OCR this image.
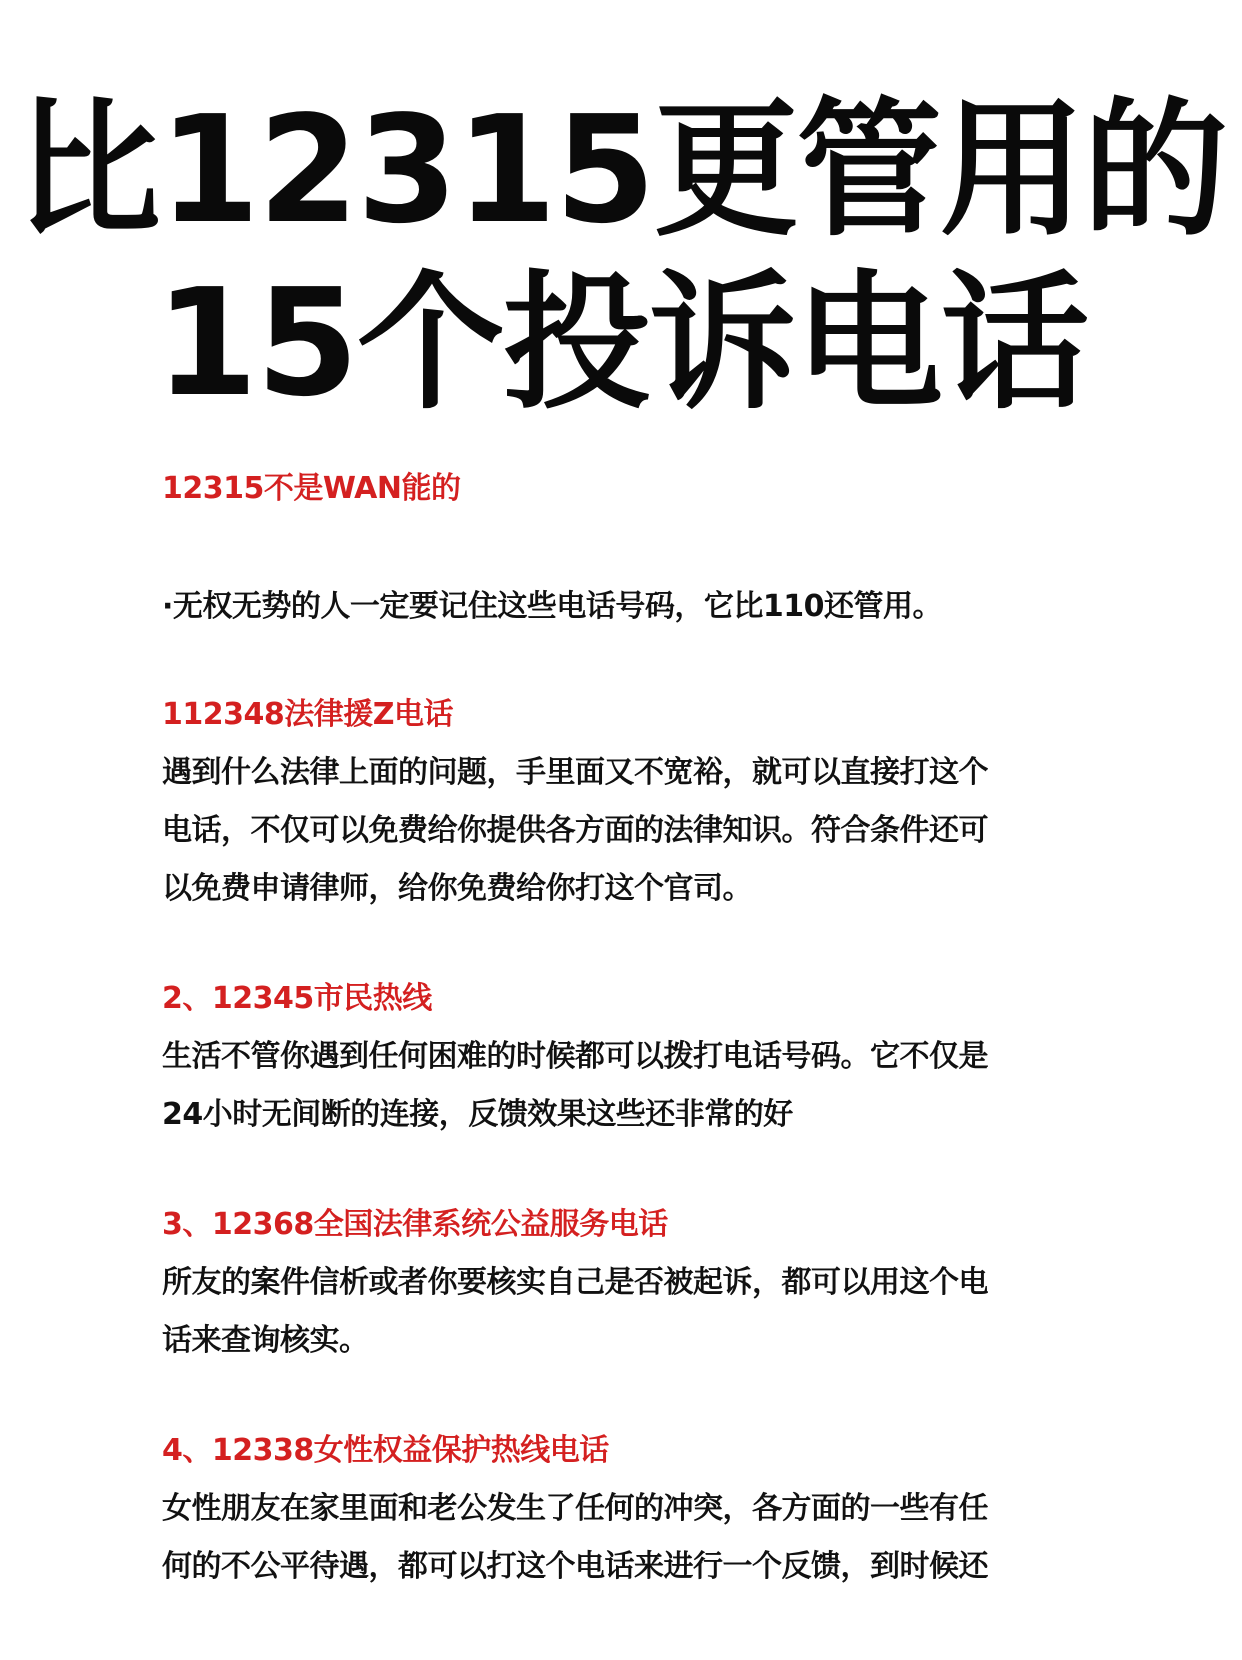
比12315更管用的
15个投诉电话
12315不是WAN能的
·无权无势的人一定要记住这些电话号码，它比110还管用。
112348法律援Z电话
遇到什么法律上面的问题，手里面又不宽裕，就可以直接打这个
电话，不仅可以免费给你提供各方面的法律知识。符合条件还可
以免费申请律师，给你免费给你打这个官司。
2、12345市民热线
生活不管你遇到任何困难的时候都可以拨打电话号码。它不仅是
24小时无间断的连接，反馈效果这些还非常的好
3、12368全国法律系统公益服务电话
所友的案件信析或者你要核实自己是否被起诉，都可以用这个电
话来查询核实。
4、12338女性权益保护热线电话
女性朋友在家里面和老公发生了任何的冲突，各方面的一些有任
何的不公平待遇，都可以打这个电话来进行一个反馈，到时候还
